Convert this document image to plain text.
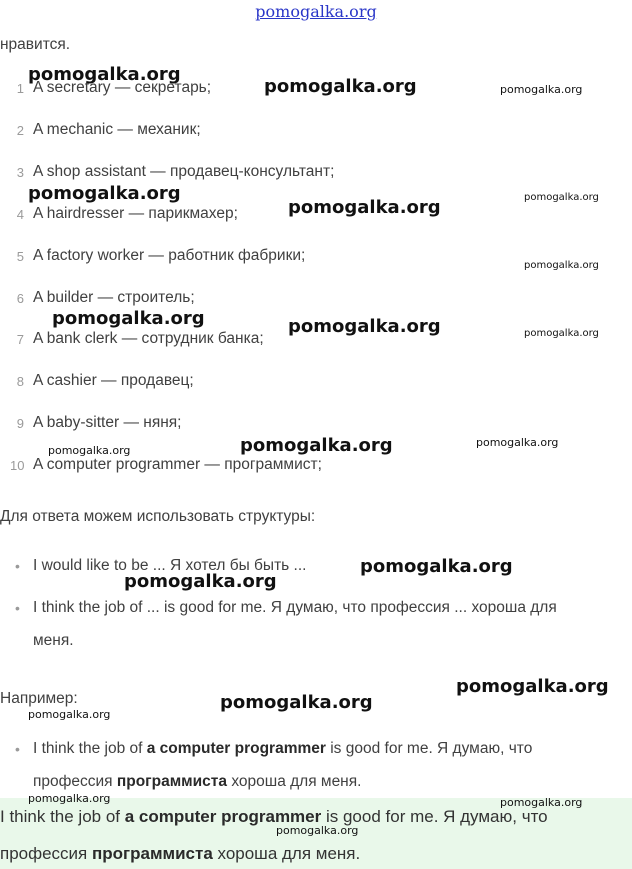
pomogalka.org
нравится.
1 A secretary — секретарь;
2 A mechanic — механик;
3 A shop assistant — продавец-консультант;
4 A hairdresser — парикмахер;
5 A factory worker — работник фабрики;
6 A builder — строитель;
7 A bank clerk — сотрудник банка;
8 A cashier — продавец;
9 A baby-sitter — няня;
10 A computer programmer — программист;
Для ответа можем использовать структуры:
• I would like to be ... Я хотел бы быть ...
• I think the job of ... is good for me. Я думаю, что профессия ... хороша для
меня.
Например:
• I think the job of a computer programmer is good for me. Я думаю, что
профессия программиста хороша для меня.
I think the job of a computer programmer is good for me. Я думаю, что
профессия программиста хороша для меня.
pomogalka.org
pomogalka.org	pomogalka.org
pomogalka.org
pomogalka.org	pomogalka.org
pomogalka.org
pomogalka.org	pomogalka.org	pomogalka.org
pomogalka.org	pomogalka.org	pomogalka.org
pomogalka.org
pomogalka.org
pomogalka.org
pomogalka.org
pomogalka.org
pomogalka.org	pomogalka.org
pomogalka.org
